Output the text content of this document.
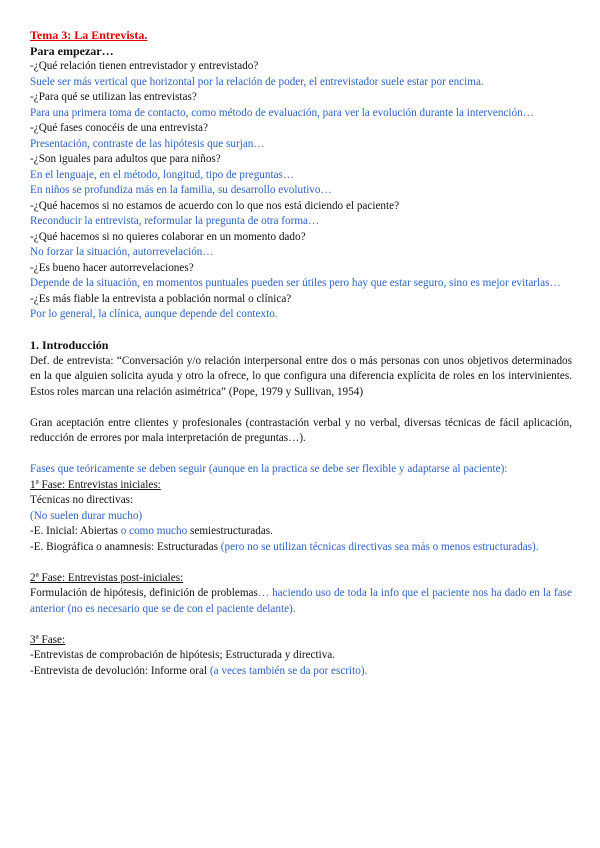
Tema 3: La Entrevista.

Para empezar…

-¿Qué relación tienen entrevistador y entrevistado?

Suele ser más vertical que horizontal por la relación de poder, el entrevistador suele estar por encima.

-¿Para qué se utilizan las entrevistas?

Para una primera toma de contacto, como método de evaluación, para ver la evolución durante la intervención…

-¿Qué fases conocéis de una entrevista?

Presentación, contraste de las hipótesis que surjan…

-¿Son iguales para adultos que para niños?

En el lenguaje, en el método, longitud, tipo de preguntas…

En niños se profundiza más en la familia, su desarrollo evolutivo…

-¿Qué hacemos si no estamos de acuerdo con lo que nos está diciendo el paciente?

Reconducir la entrevista, reformular la pregunta de otra forma…

-¿Qué hacemos si no quieres colaborar en un momento dado?

No forzar la situación, autorrevelación…

-¿Es bueno hacer autorrevelaciones?

Depende de la situación, en momentos puntuales pueden ser útiles pero hay que estar seguro, sino es mejor evitarlas…

-¿Es más fiable la entrevista a población normal o clínica?

Por lo general, la clínica, aunque depende del contexto.

1. Introducción

Def. de entrevista: “Conversación y/o relación interpersonal entre dos o más personas con unos objetivos determinados en la que alguien solicita ayuda y otro la ofrece, lo que configura una diferencia explícita de roles en los intervinientes. Estos roles marcan una relación asimétrica” (Pope, 1979 y Sullivan, 1954)

Gran aceptación entre clientes y profesionales (contrastación verbal y no verbal, diversas técnicas de fácil aplicación, reducción de errores por mala interpretación de preguntas…).

Fases que teóricamente se deben seguir (aunque en la practica se debe ser flexible y adaptarse al paciente):

1ª Fase: Entrevistas iniciales:

Técnicas no directivas:

(No suelen durar mucho)

-E. Inicial: Abiertas o como mucho semiestructuradas.

-E. Biográfica o anamnesis: Estructuradas (pero no se utilizan técnicas directivas sea más o menos estructuradas).

2ª Fase: Entrevistas post-iniciales:

Formulación de hipótesis, definición de problemas… haciendo uso de toda la info que el paciente nos ha dado en la fase anterior (no es necesario que se de con el paciente delante).

3ª Fase:

-Entrevistas de comprobación de hipótesis; Estructurada y directiva.

-Entrevista de devolución: Informe oral (a veces también se da por escrito).
